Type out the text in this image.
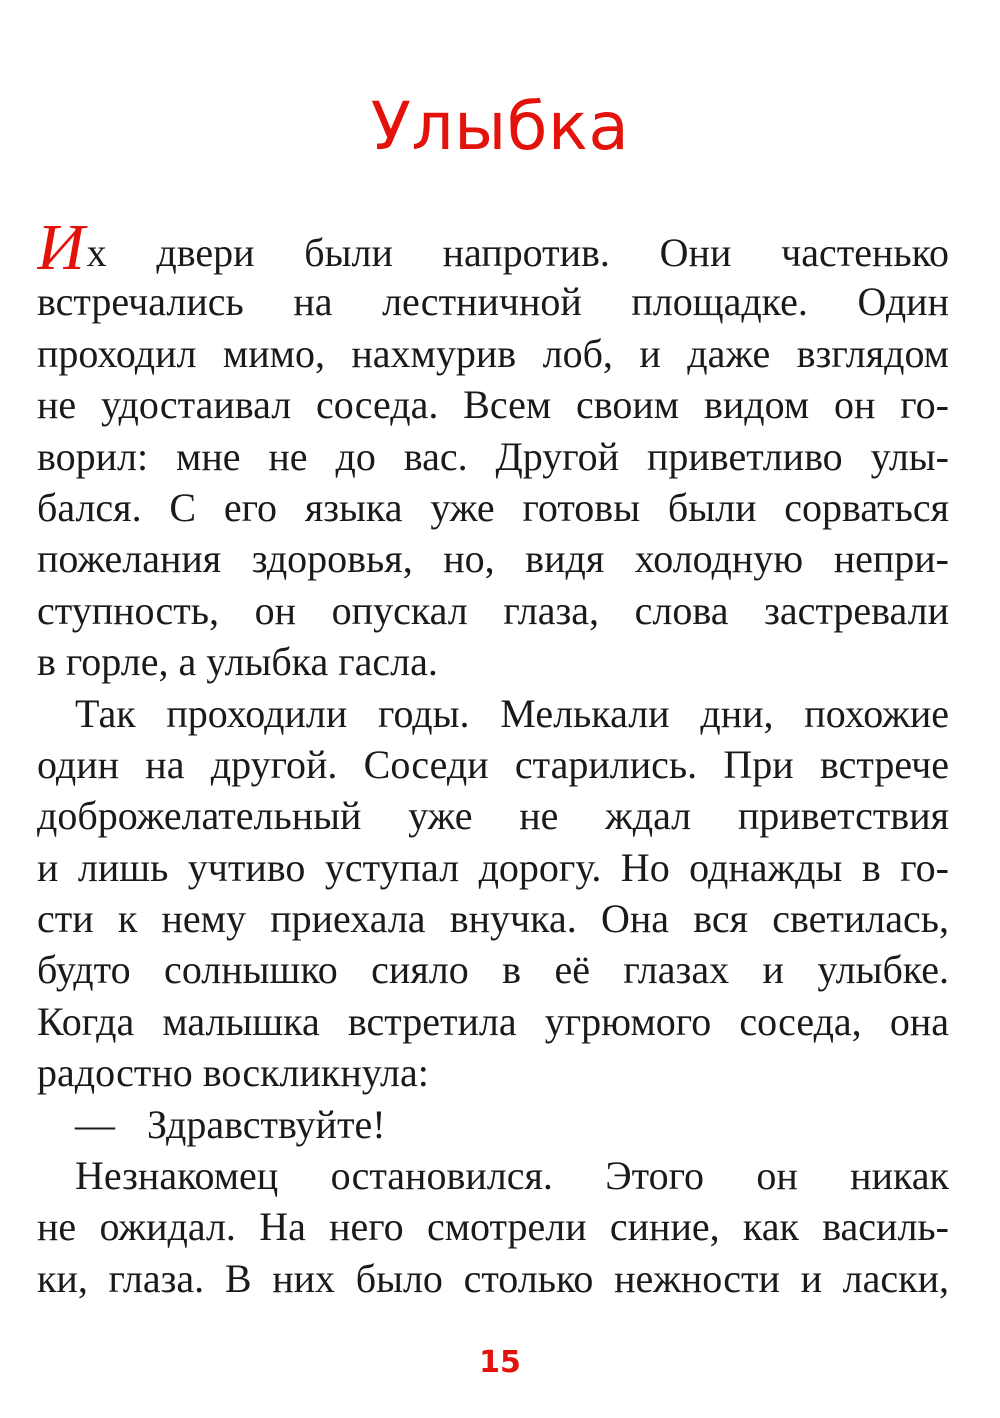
Улыбка
Их двери были напротив. Они частенько
встречались на лестничной площадке. Один
проходил мимо, нахмурив лоб, и даже взглядом
не удостаивал соседа. Всем своим видом он го-
ворил: мне не до вас. Другой приветливо улы-
бался. С его языка уже готовы были сорваться
пожелания здоровья, но, видя холодную непри-
ступность, он опускал глаза, слова застревали
в горле, а улыбка гасла.
Так проходили годы. Мелькали дни, похожие
один на другой. Соседи старились. При встрече
доброжелательный уже не ждал приветствия
и лишь учтиво уступал дорогу. Но однажды в го-
сти к нему приехала внучка. Она вся светилась,
будто солнышко сияло в её глазах и улыбке.
Когда малышка встретила угрюмого соседа, она
радостно воскликнула:
— Здравствуйте!
Незнакомец остановился. Этого он никак
не ожидал. На него смотрели синие, как василь-
ки, глаза. В них было столько нежности и ласки,
15
